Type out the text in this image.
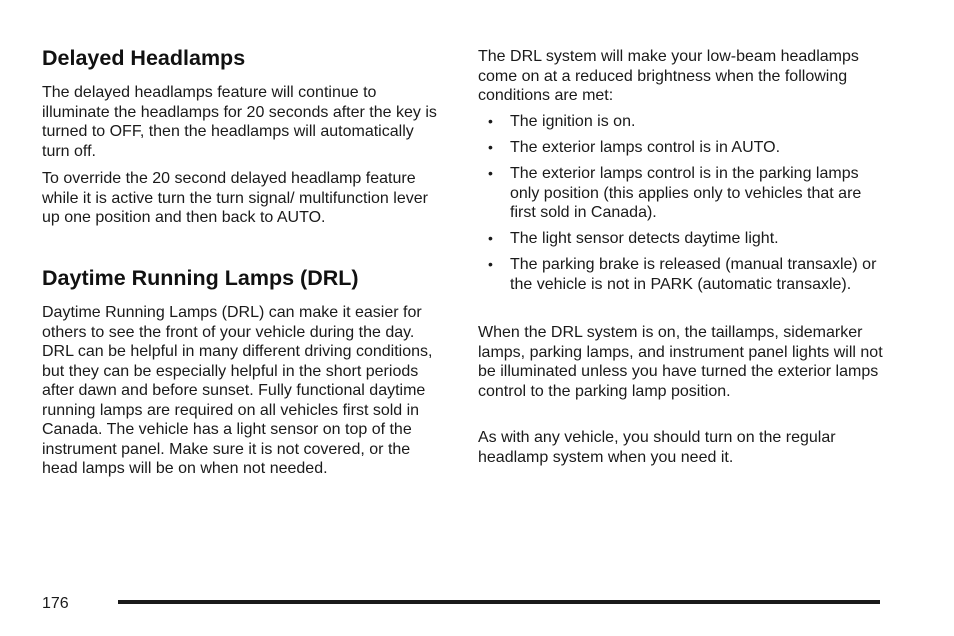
Delayed Headlamps

The delayed headlamps feature will continue to illuminate the headlamps for 20 seconds after the key is turned to OFF, then the headlamps will automatically turn off.

To override the 20 second delayed headlamp feature while it is active turn the turn signal/ multifunction lever up one position and then back to AUTO.

Daytime Running Lamps (DRL)

Daytime Running Lamps (DRL) can make it easier for others to see the front of your vehicle during the day. DRL can be helpful in many different driving conditions, but they can be especially helpful in the short periods after dawn and before sunset. Fully functional daytime running lamps are required on all vehicles first sold in Canada. The vehicle has a light sensor on top of the instrument panel. Make sure it is not covered, or the head lamps will be on when not needed.

The DRL system will make your low-beam headlamps come on at a reduced brightness when the following conditions are met:

• The ignition is on.
• The exterior lamps control is in AUTO.
• The exterior lamps control is in the parking lamps only position (this applies only to vehicles that are first sold in Canada).
• The light sensor detects daytime light.
• The parking brake is released (manual transaxle) or the vehicle is not in PARK (automatic transaxle).

When the DRL system is on, the taillamps, sidemarker lamps, parking lamps, and instrument panel lights will not be illuminated unless you have turned the exterior lamps control to the parking lamp position.

As with any vehicle, you should turn on the regular headlamp system when you need it.

176
